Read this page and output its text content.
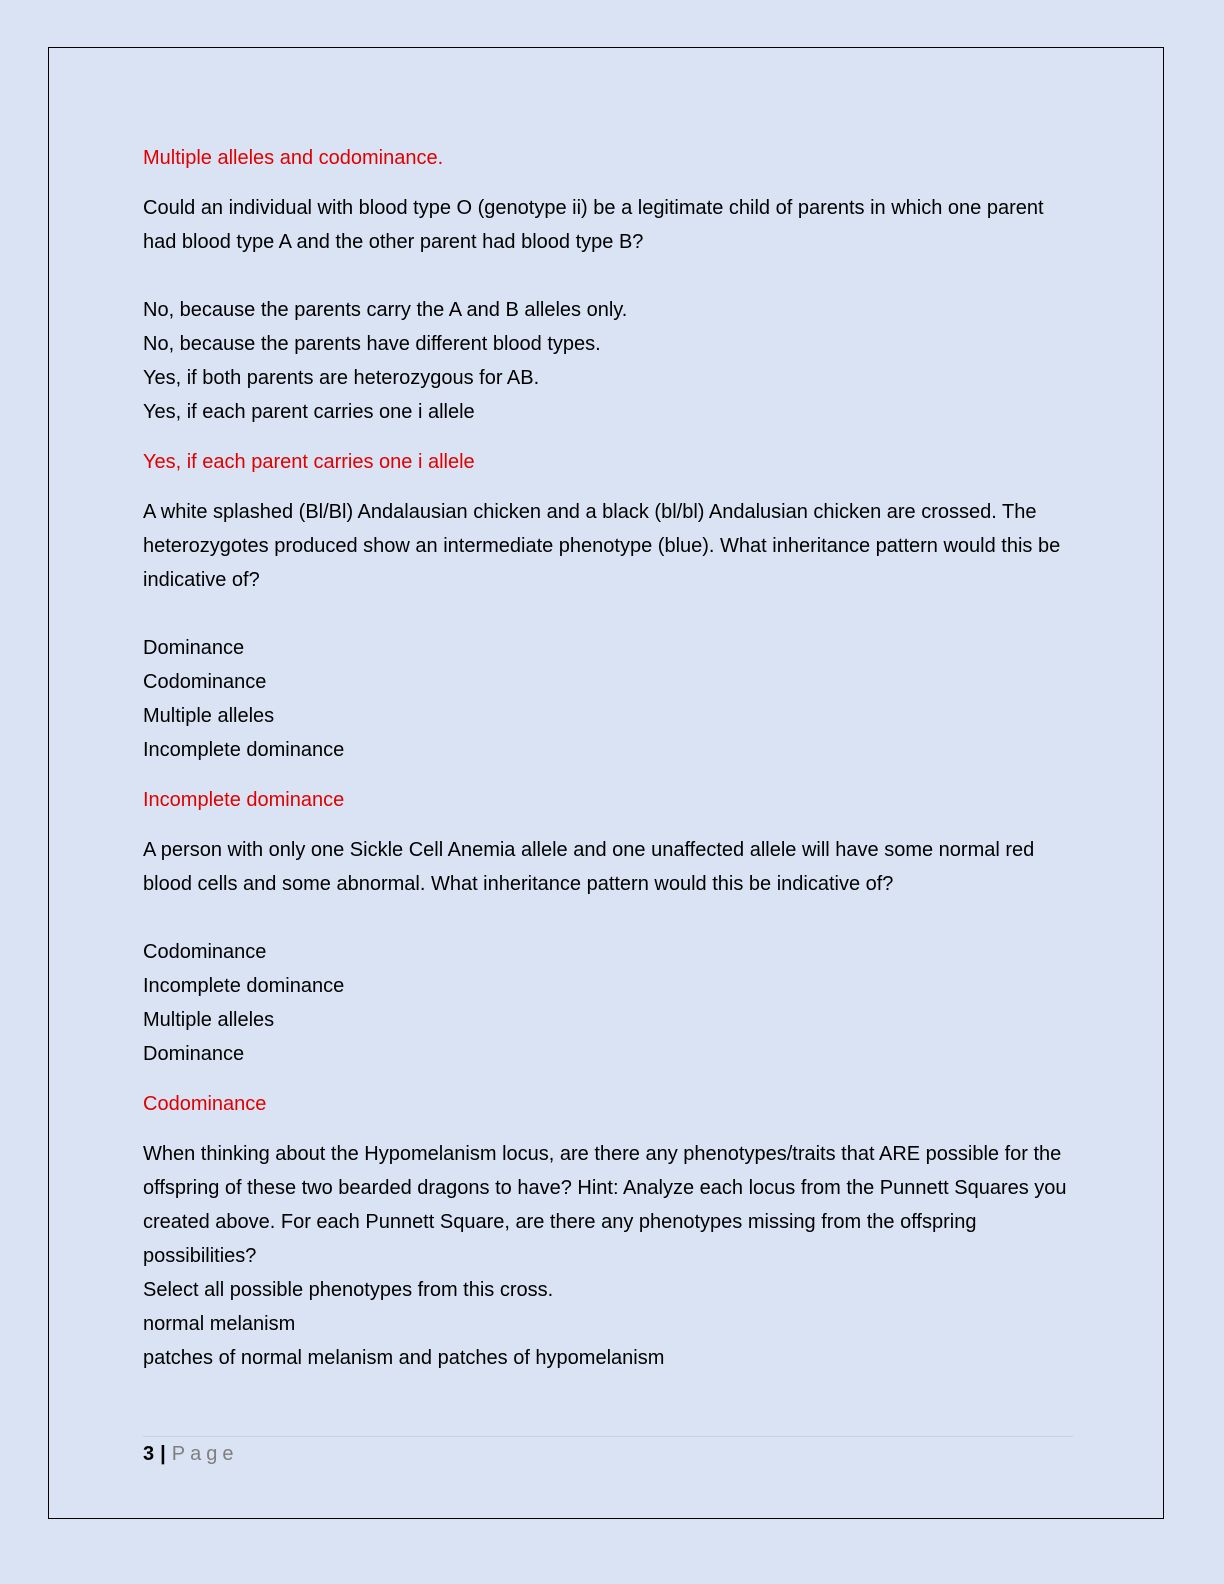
Multiple alleles and codominance.

Could an individual with blood type O (genotype ii) be a legitimate child of parents in which one parent had blood type A and the other parent had blood type B?

No, because the parents carry the A and B alleles only.

No, because the parents have different blood types.

Yes, if both parents are heterozygous for AB.

Yes, if each parent carries one i allele

Yes, if each parent carries one i allele

A white splashed (Bl/Bl) Andalausian chicken and a black (bl/bl) Andalusian chicken are crossed. The heterozygotes produced show an intermediate phenotype (blue). What inheritance pattern would this be indicative of?

Dominance

Codominance

Multiple alleles

Incomplete dominance

Incomplete dominance

A person with only one Sickle Cell Anemia allele and one unaffected allele will have some normal red blood cells and some abnormal. What inheritance pattern would this be indicative of?

Codominance

Incomplete dominance

Multiple alleles

Dominance

Codominance

When thinking about the Hypomelanism locus, are there any phenotypes/traits that ARE possible for the offspring of these two bearded dragons to have? Hint: Analyze each locus from the Punnett Squares you created above. For each Punnett Square, are there any phenotypes missing from the offspring possibilities?

Select all possible phenotypes from this cross.

normal melanism

patches of normal melanism and patches of hypomelanism

3 | Page
